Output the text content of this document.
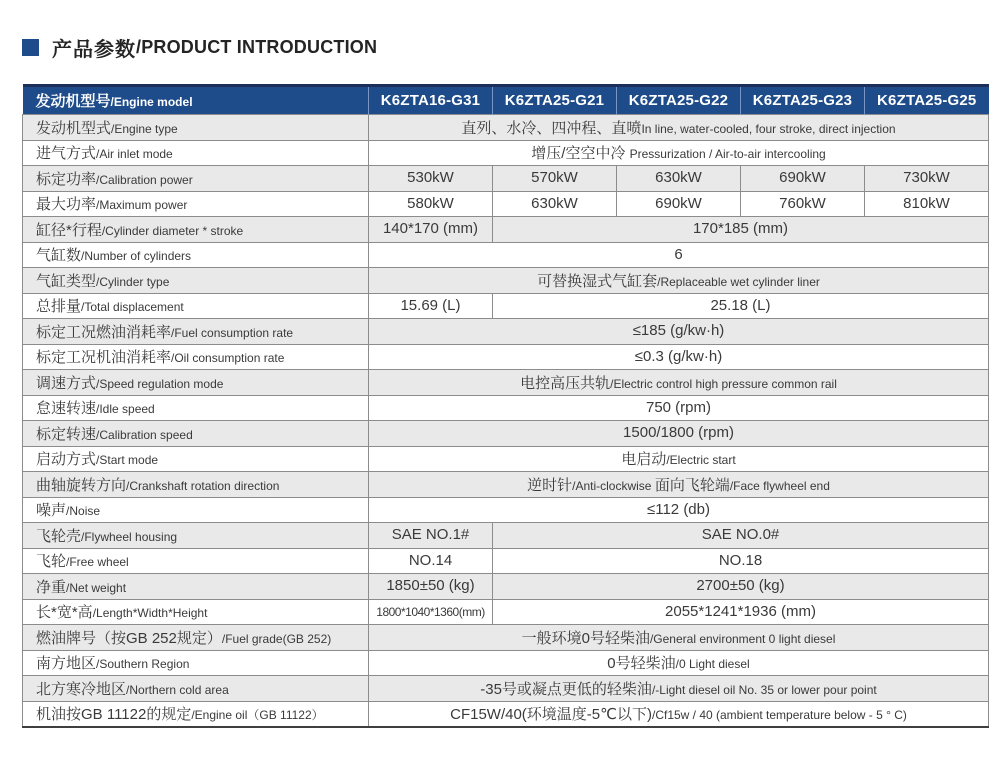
产品参数 /PRODUCT INTRODUCTION
发动机型号/Engine model	K6ZTA16-G31	K6ZTA25-G21	K6ZTA25-G22	K6ZTA25-G23	K6ZTA25-G25
发动机型式/Engine type	直列、水冷、四冲程、直喷In line, water-cooled, four stroke, direct injection				
进气方式/Air inlet mode	增压/空空中冷 Pressurization / Air-to-air intercooling				
标定功率/Calibration power	530kW	570kW	630kW	690kW	730kW
最大功率/Maximum power	580kW	630kW	690kW	760kW	810kW
缸径*行程/Cylinder diameter * stroke	140*170 (mm)	170*185 (mm)			
气缸数/Number of cylinders	6				
气缸类型/Cylinder type	可替换湿式气缸套/Replaceable wet cylinder liner				
总排量/Total displacement	15.69 (L)	25.18 (L)			
标定工况燃油消耗率/Fuel consumption rate	≤185 (g/kw·h)				
标定工况机油消耗率/Oil consumption rate	≤0.3 (g/kw·h)				
调速方式/Speed regulation mode	电控高压共轨/Electric control high pressure common rail				
怠速转速/Idle speed	750 (rpm)				
标定转速/Calibration speed	1500/1800 (rpm)				
启动方式/Start mode	电启动/Electric start				
曲轴旋转方向/Crankshaft rotation direction	逆时针/Anti-clockwise 面向飞轮端/Face flywheel end				
噪声/Noise	≤112 (db)				
飞轮壳/Flywheel housing	SAE NO.1#	SAE NO.0#			
飞轮/Free wheel	NO.14	NO.18			
净重/Net weight	1850±50 (kg)	2700±50 (kg)			
长*宽*高/Length*Width*Height	1800*1040*1360(mm)	2055*1241*1936 (mm)			
燃油牌号（按GB 252规定）/Fuel grade(GB 252)	一般环境0号轻柴油/General environment 0 light diesel				
南方地区/Southern Region	0号轻柴油/0 Light diesel				
北方寒冷地区/Northern cold area	-35号或凝点更低的轻柴油/-Light diesel oil No. 35 or lower pour point				
机油按GB 11122的规定/Engine oil（GB 11122）	CF15W/40(环境温度-5℃以下)/Cf15w / 40 (ambient temperature below - 5 ° C)				
